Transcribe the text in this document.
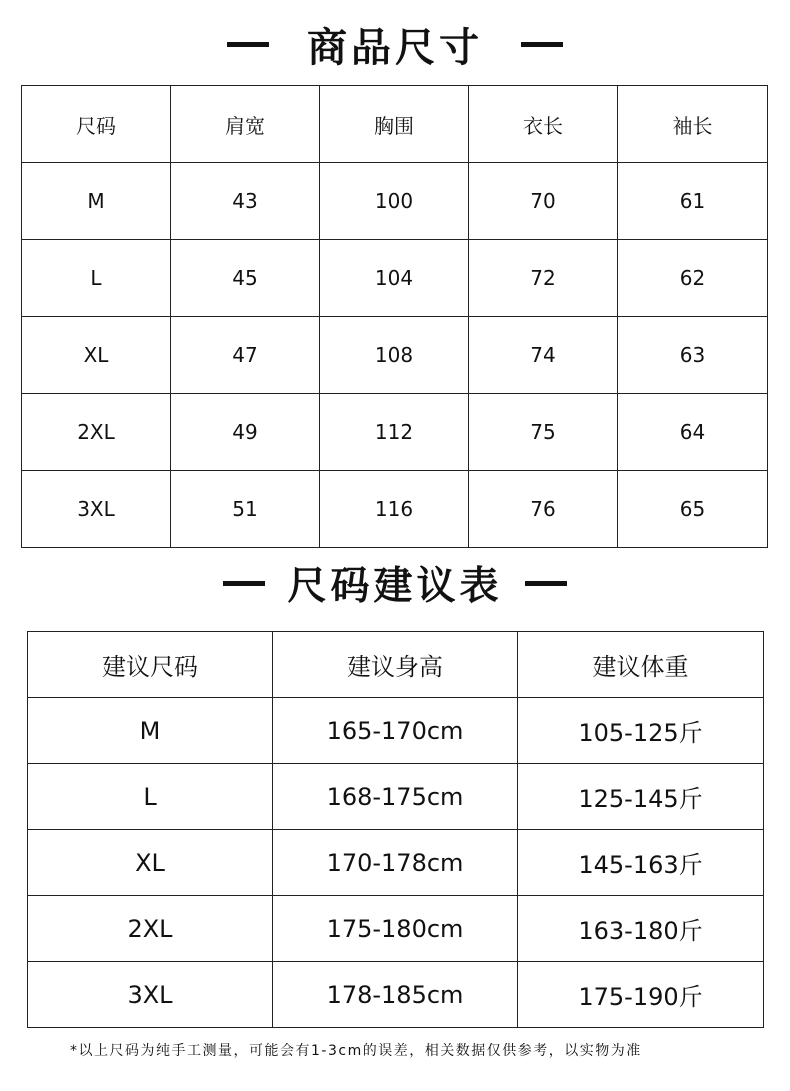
商品尺寸
尺码	肩宽	胸围	衣长	袖长
M	43	100	70	61
L	45	104	72	62
XL	47	108	74	63
2XL	49	112	75	64
3XL	51	116	76	65
尺码建议表
建议尺码	建议身高	建议体重
M	165-170cm	105-125斤
L	168-175cm	125-145斤
XL	170-178cm	145-163斤
2XL	175-180cm	163-180斤
3XL	178-185cm	175-190斤
*以上尺码为纯手工测量，可能会有1-3cm的误差，相关数据仅供参考，以实物为准
